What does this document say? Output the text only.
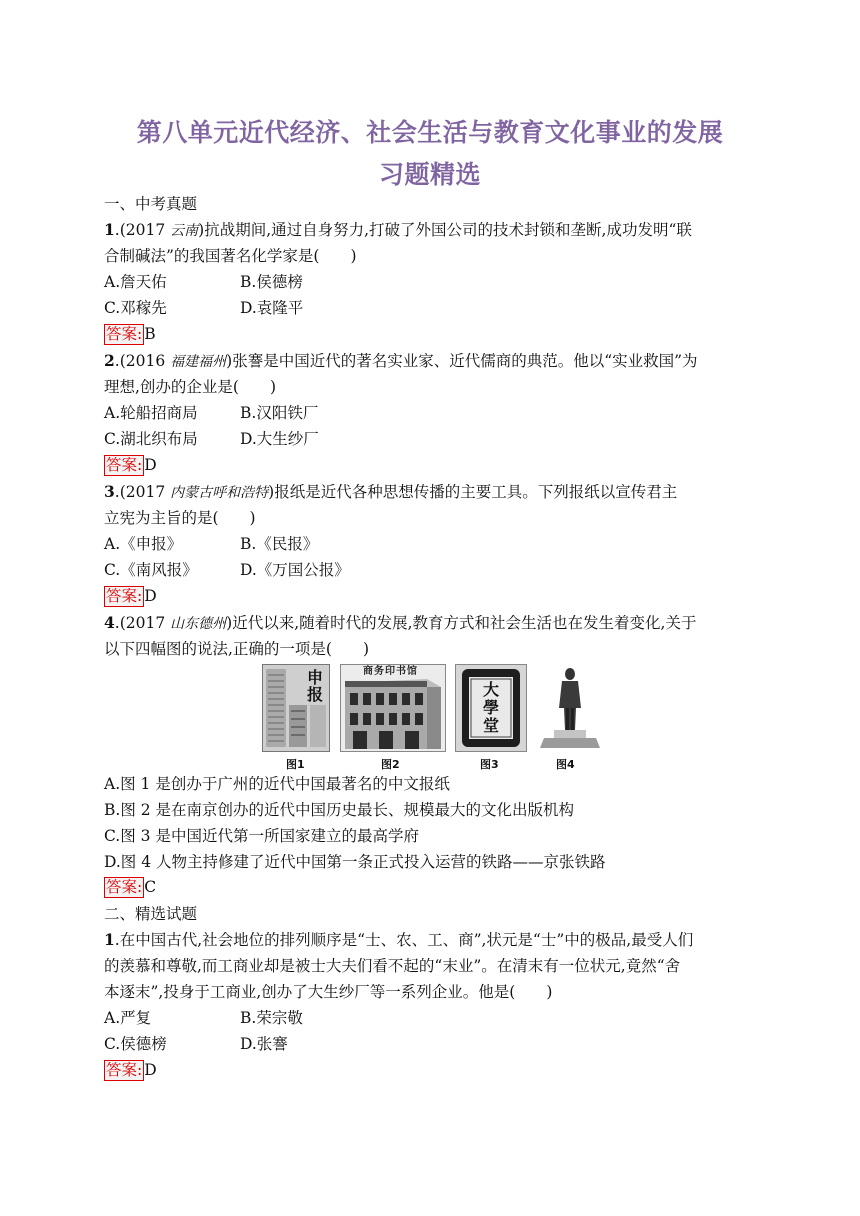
第八单元近代经济、社会生活与教育文化事业的发展
习题精选
一、中考真题
1.(2017 云南)抗战期间,通过自身努力,打破了外国公司的技术封锁和垄断,成功发明“联
合制碱法”的我国著名化学家是(　　)
A.詹天佑	B.侯德榜
C.邓稼先	D.袁隆平
答案: B
2.(2016 福建福州)张謇是中国近代的著名实业家、近代儒商的典范。他以“实业救国”为
理想,创办的企业是(　　)
A.轮船招商局	B.汉阳铁厂
C.湖北织布局	D.大生纱厂
答案: D
3.(2017 内蒙古呼和浩特)报纸是近代各种思想传播的主要工具。下列报纸以宣传君主
立宪为主旨的是(　　)
A.《申报》	B.《民报》
C.《南风报》	D.《万国公报》
答案: D
4.(2017 山东德州)近代以来,随着时代的发展,教育方式和社会生活也在发生着变化,关于
以下四幅图的说法,正确的一项是(　　)
申报
商务印书馆
大學堂
图1	图2	图3	图4
A.图 1 是创办于广州的近代中国最著名的中文报纸
B.图 2 是在南京创办的近代中国历史最长、规模最大的文化出版机构
C.图 3 是中国近代第一所国家建立的最高学府
D.图 4 人物主持修建了近代中国第一条正式投入运营的铁路——京张铁路
答案: C
二、精选试题
1.在中国古代,社会地位的排列顺序是“士、农、工、商”,状元是“士”中的极品,最受人们
的羡慕和尊敬,而工商业却是被士大夫们看不起的“末业”。在清末有一位状元,竟然“舍
本逐末”,投身于工商业,创办了大生纱厂等一系列企业。他是(　　)
A.严复	B.荣宗敬
C.侯德榜	D.张謇
答案: D
